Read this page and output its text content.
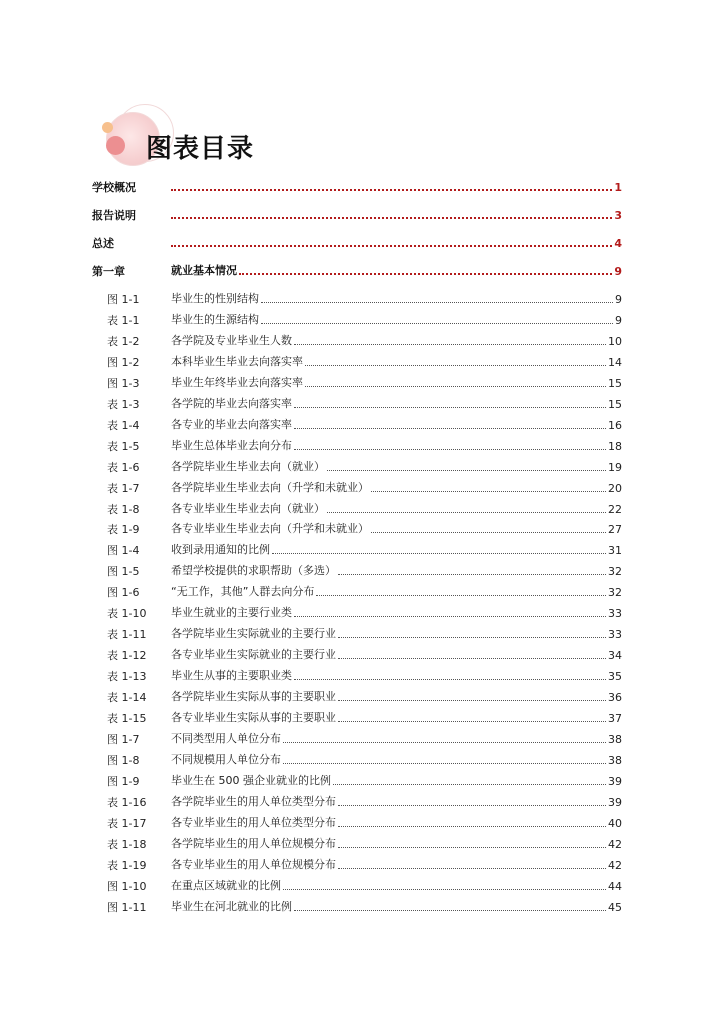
图表目录
学校概况	1
报告说明	3
总述	4
第一章	就业基本情况	9
图 1-1	毕业生的性别结构	9
表 1-1	毕业生的生源结构	9
表 1-2	各学院及专业毕业生人数	10
图 1-2	本科毕业生毕业去向落实率	14
图 1-3	毕业生年终毕业去向落实率	15
表 1-3	各学院的毕业去向落实率	15
表 1-4	各专业的毕业去向落实率	16
表 1-5	毕业生总体毕业去向分布	18
表 1-6	各学院毕业生毕业去向（就业）	19
表 1-7	各学院毕业生毕业去向（升学和未就业）	20
表 1-8	各专业毕业生毕业去向（就业）	22
表 1-9	各专业毕业生毕业去向（升学和未就业）	27
图 1-4	收到录用通知的比例	31
图 1-5	希望学校提供的求职帮助（多选）	32
图 1-6	“无工作，其他”人群去向分布	32
表 1-10 毕业生就业的主要行业类	33
表 1-11 各学院毕业生实际就业的主要行业	33
表 1-12 各专业毕业生实际就业的主要行业	34
表 1-13 毕业生从事的主要职业类	35
表 1-14 各学院毕业生实际从事的主要职业	36
表 1-15 各专业毕业生实际从事的主要职业	37
图 1-7	不同类型用人单位分布	38
图 1-8	不同规模用人单位分布	38
图 1-9	毕业生在 500 强企业就业的比例	39
表 1-16 各学院毕业生的用人单位类型分布	39
表 1-17 各专业毕业生的用人单位类型分布	40
表 1-18 各学院毕业生的用人单位规模分布	42
表 1-19 各专业毕业生的用人单位规模分布	42
图 1-10 在重点区域就业的比例	44
图 1-11 毕业生在河北就业的比例	45
